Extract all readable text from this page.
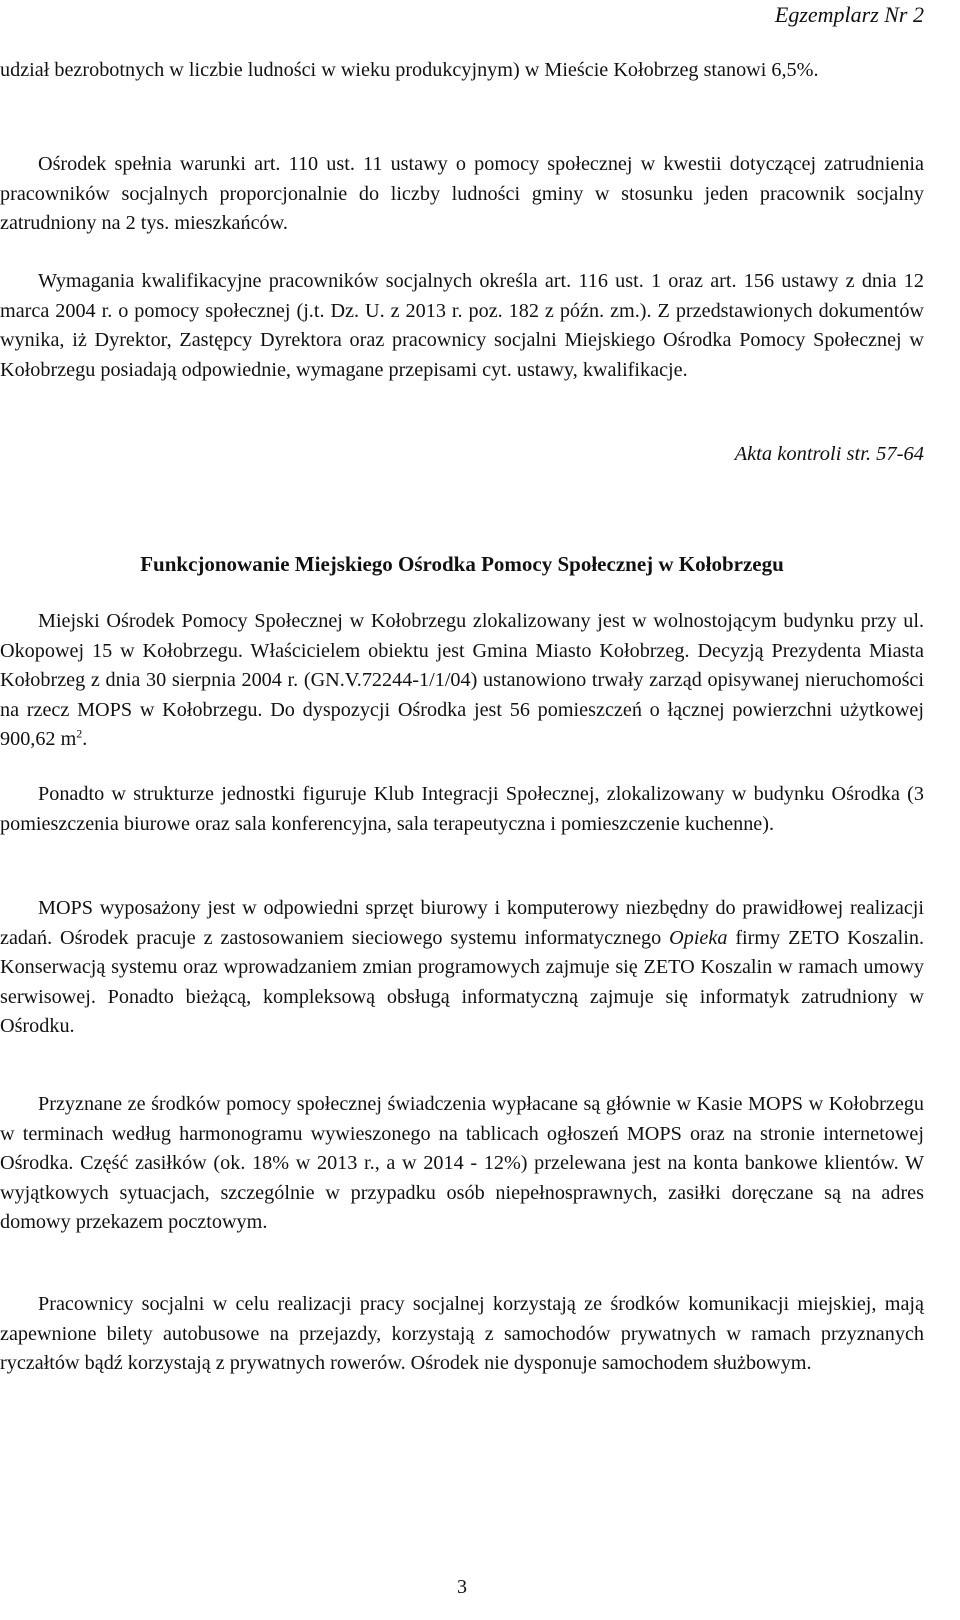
Egzemplarz Nr 2

udział bezrobotnych w liczbie ludności w wieku produkcyjnym) w Mieście Kołobrzeg stanowi 6,5%.

Ośrodek spełnia warunki art. 110 ust. 11 ustawy o pomocy społecznej w kwestii dotyczącej zatrudnienia pracowników socjalnych proporcjonalnie do liczby ludności gminy w stosunku jeden pracownik socjalny zatrudniony na 2 tys. mieszkańców.

Wymagania kwalifikacyjne pracowników socjalnych określa art. 116 ust. 1 oraz art. 156 ustawy z dnia 12 marca 2004 r. o pomocy społecznej (j.t. Dz. U. z 2013 r. poz. 182 z późn. zm.). Z przedstawionych dokumentów wynika, iż Dyrektor, Zastępcy Dyrektora oraz pracownicy socjalni Miejskiego Ośrodka Pomocy Społecznej w Kołobrzegu posiadają odpowiednie, wymagane przepisami cyt. ustawy, kwalifikacje.

Akta kontroli str. 57-64
Funkcjonowanie Miejskiego Ośrodka Pomocy Społecznej w Kołobrzegu

Miejski Ośrodek Pomocy Społecznej w Kołobrzegu zlokalizowany jest w wolnostojącym budynku przy ul. Okopowej 15 w Kołobrzegu. Właścicielem obiektu jest Gmina Miasto Kołobrzeg. Decyzją Prezydenta Miasta Kołobrzeg z dnia 30 sierpnia 2004 r. (GN.V.72244-1/1/04) ustanowiono trwały zarząd opisywanej nieruchomości na rzecz MOPS w Kołobrzegu. Do dyspozycji Ośrodka jest 56 pomieszczeń o łącznej powierzchni użytkowej 900,62 $m^2$.

Ponadto w strukturze jednostki figuruje Klub Integracji Społecznej, zlokalizowany w budynku Ośrodka (3 pomieszczenia biurowe oraz sala konferencyjna, sala terapeutyczna i pomieszczenie kuchenne).

MOPS wyposażony jest w odpowiedni sprzęt biurowy i komputerowy niezbędny do prawidłowej realizacji zadań. Ośrodek pracuje z zastosowaniem sieciowego systemu informatycznego Opieka firmy ZETO Koszalin. Konserwacją systemu oraz wprowadzaniem zmian programowych zajmuje się ZETO Koszalin w ramach umowy serwisowej. Ponadto bieżącą, kompleksową obsługą informatyczną zajmuje się informatyk zatrudniony w Ośrodku.

Przyznane ze środków pomocy społecznej świadczenia wypłacane są głównie w Kasie MOPS w Kołobrzegu w terminach według harmonogramu wywieszonego na tablicach ogłoszeń MOPS oraz na stronie internetowej Ośrodka. Część zasiłków (ok. 18% w 2013 r., a w 2014 - 12%) przelewana jest na konta bankowe klientów. W wyjątkowych sytuacjach, szczególnie w przypadku osób niepełnosprawnych, zasiłki doręczane są na adres domowy przekazem pocztowym.

Pracownicy socjalni w celu realizacji pracy socjalnej korzystają ze środków komunikacji miejskiej, mają zapewnione bilety autobusowe na przejazdy, korzystają z samochodów prywatnych w ramach przyznanych ryczałtów bądź korzystają z prywatnych rowerów. Ośrodek nie dysponuje samochodem służbowym.

3
